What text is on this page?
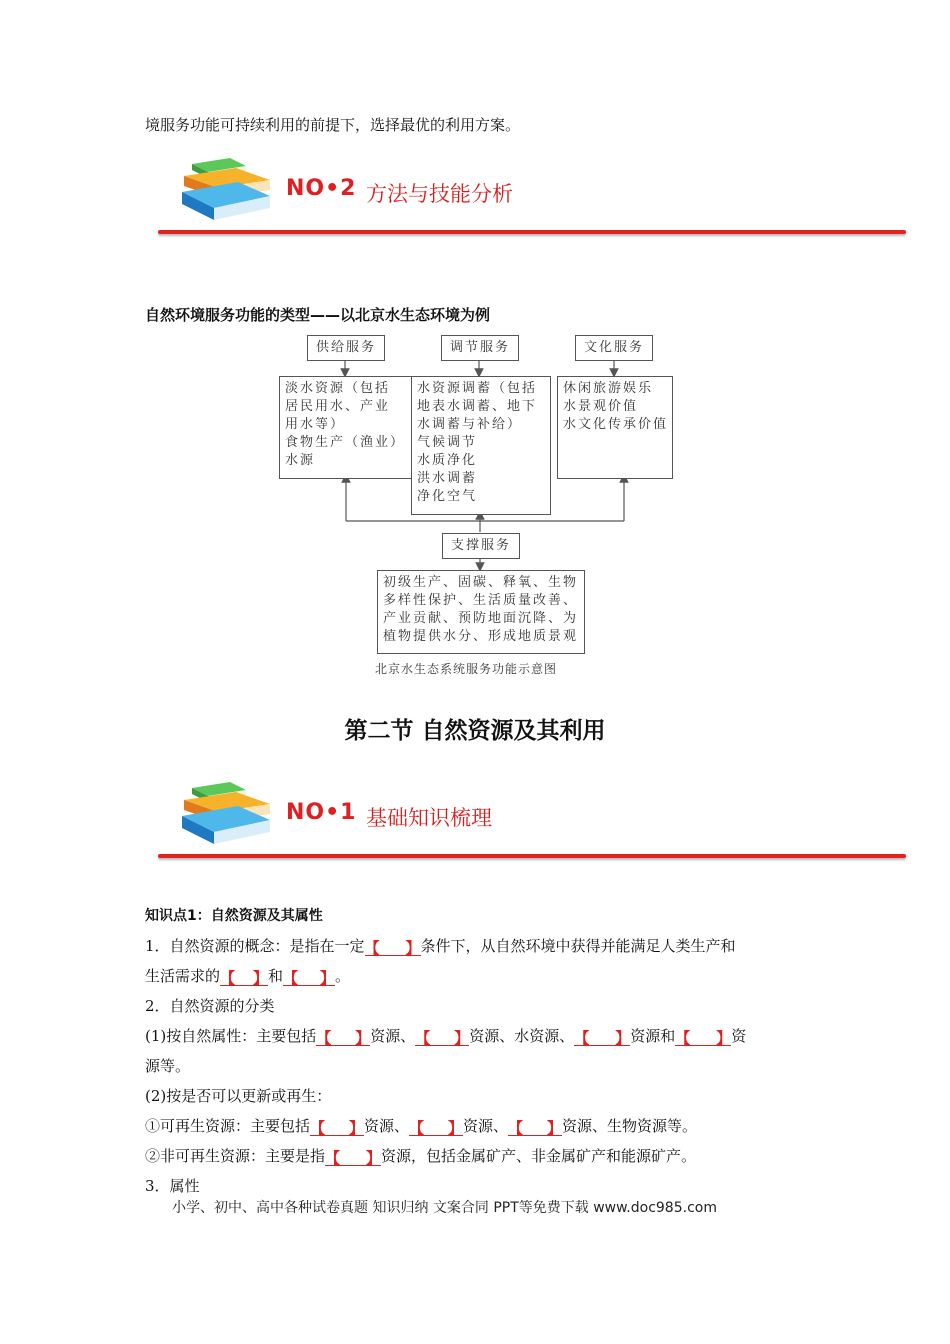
境服务功能可持续利用的前提下，选择最优的利用方案。
NO•2 方法与技能分析
自然环境服务功能的类型——以北京水生态环境为例
供给服务	调节服务	文化服务
淡水资源（包括
居民用水、产业
用水等）
食物生产（渔业）
水源
水资源调蓄（包括
地表水调蓄、地下
水调蓄与补给）
气候调节
水质净化
洪水调蓄
净化空气
休闲旅游娱乐
水景观价值
水文化传承价值
支撑服务
初级生产、固碳、释氧、生物
多样性保护、生活质量改善、
产业贡献、预防地面沉降、为
植物提供水分、形成地质景观
北京水生态系统服务功能示意图
第二节 自然资源及其利用
NO•1 基础知识梳理
知识点1：自然资源及其属性
1．自然资源的概念：是指在一定 【 】 条件下，从自然环境中获得并能满足人类生产和
生活需求的 【 】 和 【 】 。
2．自然资源的分类
(1)按自然属性：主要包括 【 】 资源、 【 】 资源、水资源、 【 】 资源和 【 】 资
源等。
(2)按是否可以更新或再生：
①可再生资源：主要包括 【 】 资源、 【 】 资源、 【 】 资源、生物资源等。
②非可再生资源：主要是指 【 】 资源，包括金属矿产、非金属矿产和能源矿产。
3．属性
小学、初中、高中各种试卷真题 知识归纳 文案合同 PPT等免费下载 www.doc985.com
